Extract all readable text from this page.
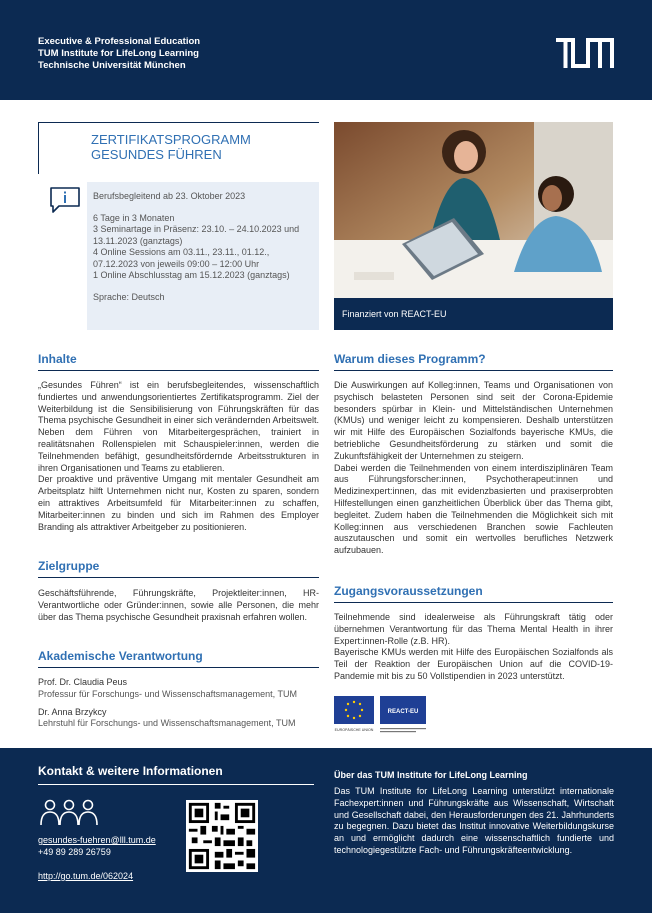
Executive & Professional Education
TUM Institute for LifeLong Learning
Technische Universität München
ZERTIFIKATSPROGRAMM
GESUNDES FÜHREN

Berufsbegleitend ab 23. Oktober 2023

6 Tage in 3 Monaten

3 Seminartage in Präsenz: 23.10. – 24.10.2023 und 13.11.2023 (ganztags)

4 Online Sessions am 03.11., 23.11., 01.12., 07.12.2023 von jeweils 09:00 – 12:00 Uhr

1 Online Abschlusstag am 15.12.2023 (ganztags)

Sprache: Deutsch

Finanziert von REACT-EU
Inhalte

„Gesundes Führen“ ist ein berufsbegleitendes, wissenschaftlich fundiertes und anwendungsorientiertes Zertifikatsprogramm. Ziel der Weiterbildung ist die Sensibilisierung von Führungskräften für das Thema psychische Gesundheit in einer sich verändernden Arbeitswelt. Neben dem Führen von Mitarbeitergesprächen, trainiert in realitätsnahen Rollenspielen mit Schauspieler:innen, werden die Teilnehmenden befähigt, gesundheitsfördernde Arbeitsstrukturen in ihren Organisationen und Teams zu etablieren.

Der proaktive und präventive Umgang mit mentaler Gesundheit am Arbeitsplatz hilft Unternehmen nicht nur, Kosten zu sparen, sondern ein attraktives Arbeitsumfeld für Mitarbeiter:innen zu schaffen, Mitarbeiter:innen zu binden und sich im Rahmen des Employer Branding als attraktiver Arbeitgeber zu positionieren.

Zielgruppe

Geschäftsführende, Führungskräfte, Projektleiter:innen, HR-Verantwortliche oder Gründer:innen, sowie alle Personen, die mehr über das Thema psychische Gesundheit praxisnah erfahren wollen.

Akademische Verantwortung

Prof. Dr. Claudia Peus

Professur für Forschungs- und Wissenschaftsmanagement, TUM

Dr. Anna Brzykcy

Lehrstuhl für Forschungs- und Wissenschaftsmanagement, TUM

Warum dieses Programm?

Die Auswirkungen auf Kolleg:innen, Teams und Organisationen von psychisch belasteten Personen sind seit der Corona-Epidemie besonders spürbar in Klein- und Mittelständischen Unternehmen (KMUs) und weniger leicht zu kompensieren. Deshalb unterstützen wir mit Hilfe des Europäischen Sozialfonds bayerische KMUs, die betriebliche Gesundheitsförderung zu stärken und somit die Zukunftsfähigkeit der Unternehmen zu steigern.

Dabei werden die Teilnehmenden von einem interdisziplinären Team aus Führungsforscher:innen, Psychotherapeut:innen und Medizinexpert:innen, das mit evidenzbasierten und praxiserprobten Hilfestellungen einen ganzheitlichen Überblick über das Thema gibt, begleitet. Zudem haben die Teilnehmenden die Möglichkeit sich mit Kolleg:innen aus verschiedenen Branchen sowie Fachleuten auszutauschen und somit ein wertvolles berufliches Netzwerk aufzubauen.

Zugangsvoraussetzungen

Teilnehmende sind idealerweise als Führungskraft tätig oder übernehmen Verantwortung für das Thema Mental Health in ihrer Expert:innen-Rolle (z.B. HR).

Bayerische KMUs werden mit Hilfe des Europäischen Sozialfonds als Teil der Reaktion der Europäischen Union auf die COVID-19-Pandemie mit bis zu 50 Vollstipendien in 2023 unterstützt.

EUROPÄISCHE UNION
REACT-EU
Kontakt & weitere Informationen
gesundes-fuehren@lll.tum.de
+49 89 289 26759
http://go.tum.de/062024
Über das TUM Institute for LifeLong Learning
Das TUM Institute for LifeLong Learning unterstützt internationale Fachexpert:innen und Führungskräfte aus Wissenschaft, Wirtschaft und Gesellschaft dabei, den Herausforderungen des 21. Jahrhunderts zu begegnen. Dazu bietet das Institut innovative Weiterbildungskurse an und ermöglicht dadurch eine wissenschaftlich fundierte und technologiegestützte Fach- und Führungskräfteentwicklung.
